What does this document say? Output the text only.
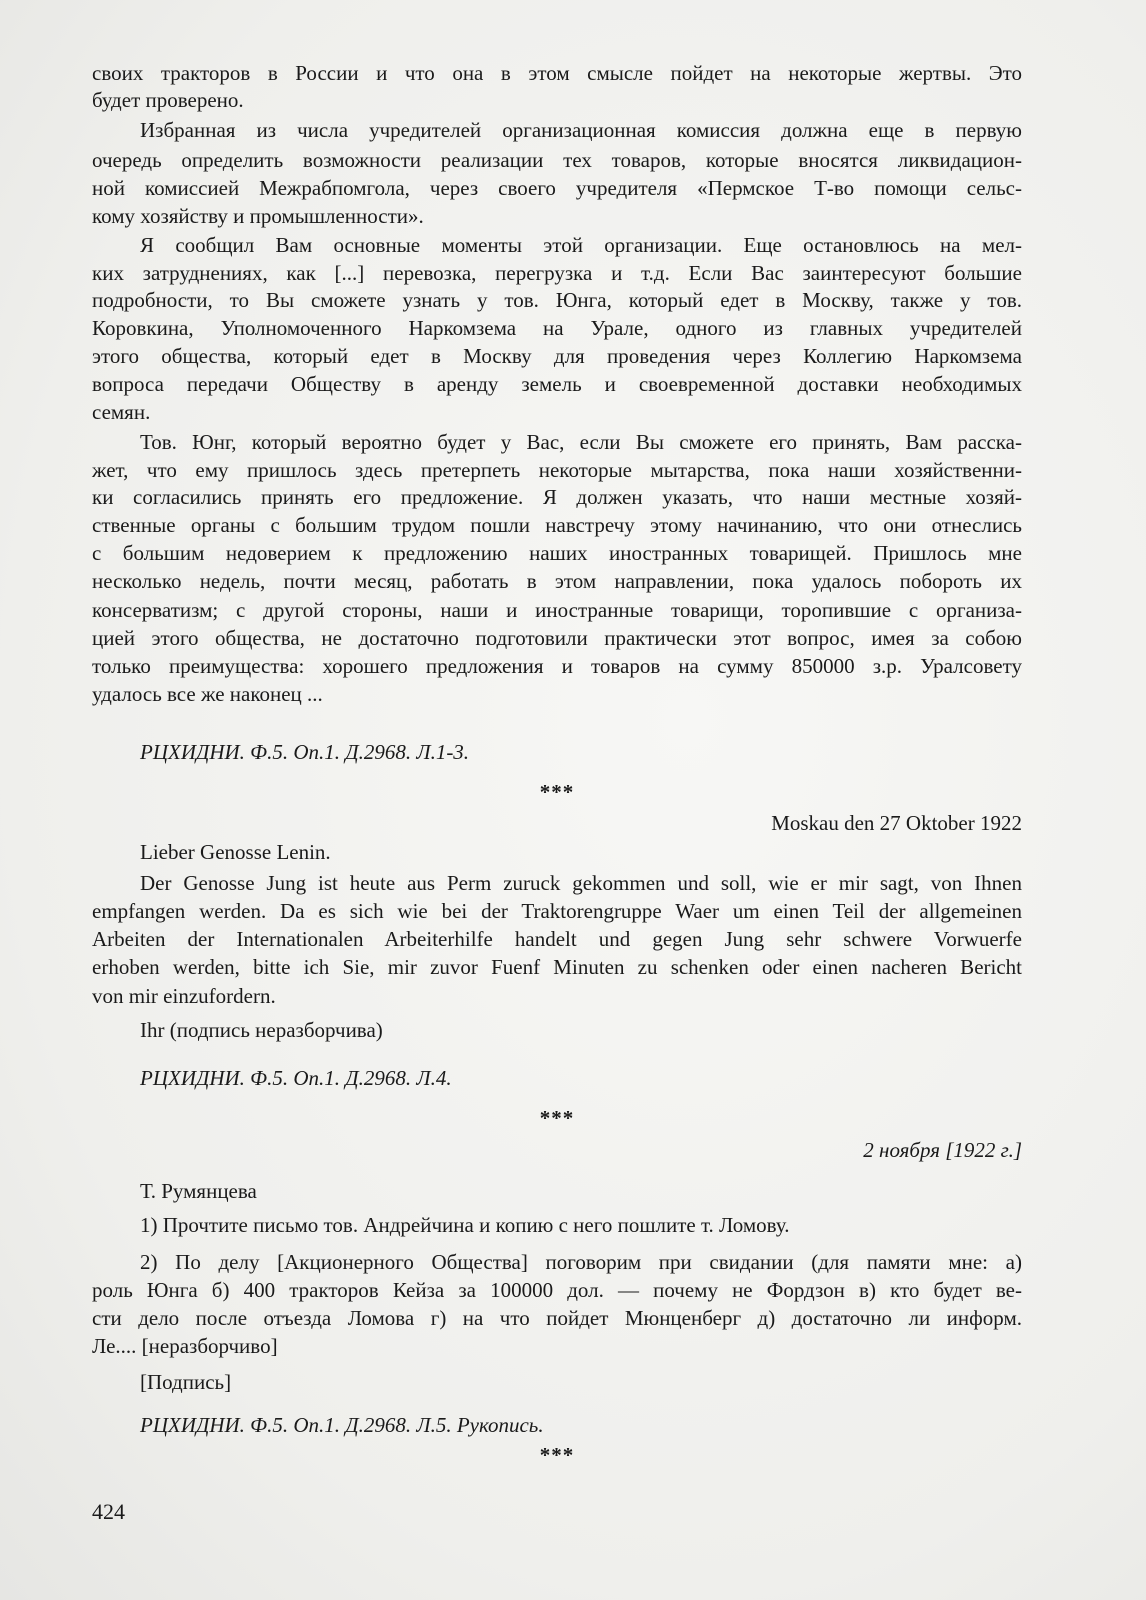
своих тракторов в России и что она в этом смысле пойдет на некоторые жертвы. Это
будет проверено.
Избранная из числа учредителей организационная комиссия должна еще в первую
очередь определить возможности реализации тех товаров, которые вносятся ликвидацион-
ной комиссией Межрабпомгола, через своего учредителя «Пермское Т-во помощи сельс-
кому хозяйству и промышленности».
Я сообщил Вам основные моменты этой организации. Еще остановлюсь на мел-
ких затруднениях, как [...] перевозка, перегрузка и т.д. Если Вас заинтересуют большие
подробности, то Вы сможете узнать у тов. Юнга, который едет в Москву, также у тов.
Коровкина, Уполномоченного Наркомзема на Урале, одного из главных учредителей
этого общества, который едет в Москву для проведения через Коллегию Наркомзема
вопроса передачи Обществу в аренду земель и своевременной доставки необходимых
семян.
Тов. Юнг, который вероятно будет у Вас, если Вы сможете его принять, Вам расска-
жет, что ему пришлось здесь претерпеть некоторые мытарства, пока наши хозяйственни-
ки согласились принять его предложение. Я должен указать, что наши местные хозяй-
ственные органы с большим трудом пошли навстречу этому начинанию, что они отнеслись
с большим недоверием к предложению наших иностранных товарищей. Пришлось мне
несколько недель, почти месяц, работать в этом направлении, пока удалось побороть их
консерватизм; с другой стороны, наши и иностранные товарищи, торопившие с организа-
цией этого общества, не достаточно подготовили практически этот вопрос, имея за собою
только преимущества: хорошего предложения и товаров на сумму 850000 з.р. Уралсовету
удалось все же наконец ...
РЦХИДНИ. Ф.5. Оп.1. Д.2968. Л.1-3.
***
Moskau den 27 Oktober 1922
Lieber Genosse Lenin.
Der Genosse Jung ist heute aus Perm zuruck gekommen und soll, wie er mir sagt, von Ihnen
empfangen werden. Da es sich wie bei der Traktorengruppe Waer um einen Teil der allgemeinen
Arbeiten der Internationalen Arbeiterhilfe handelt und gegen Jung sehr schwere Vorwuerfe
erhoben werden, bitte ich Sie, mir zuvor Fuenf Minuten zu schenken oder einen nacheren Bericht
von mir einzufordern.
Ihr (подпись неразборчива)
РЦХИДНИ. Ф.5. Оп.1. Д.2968. Л.4.
***
2 ноября [1922 г.]
Т. Румянцева
1) Прочтите письмо тов. Андрейчина и копию с него пошлите т. Ломову.
2) По делу [Акционерного Общества] поговорим при свидании (для памяти мне: а)
роль Юнга б) 400 тракторов Кейза за 100000 дол. — почему не Фордзон в) кто будет ве-
сти дело после отъезда Ломова г) на что пойдет Мюнценберг д) достаточно ли информ.
Ле.... [неразборчиво]
[Подпись]
РЦХИДНИ. Ф.5. Оп.1. Д.2968. Л.5. Рукопись.
***
424
